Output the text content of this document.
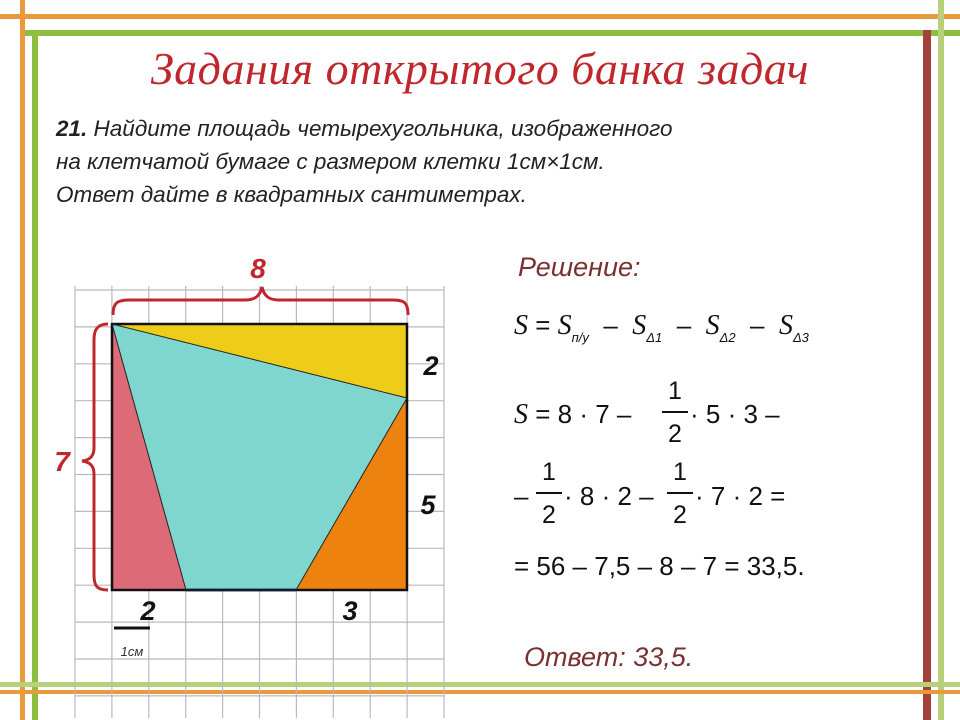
Задания открытого банка задач
21. Найдите площадь четырехугольника, изображенного
на клетчатой бумаге с размером клетки 1см×1см.
Ответ дайте в квадратных сантиметрах.
8
7
2
5
2	3
1см
Решение:
$S = S_{п/у} - S_{\Delta 1} - S_{\Delta 2} - S_{\Delta 3}$
S = 8 · 7 –
1
2
· 5 · 3 –
–
1
2
· 8 · 2 –
1
2
· 7 · 2 =
= 56 – 7,5 – 8 – 7 = 33,5.
Ответ: 33,5.
